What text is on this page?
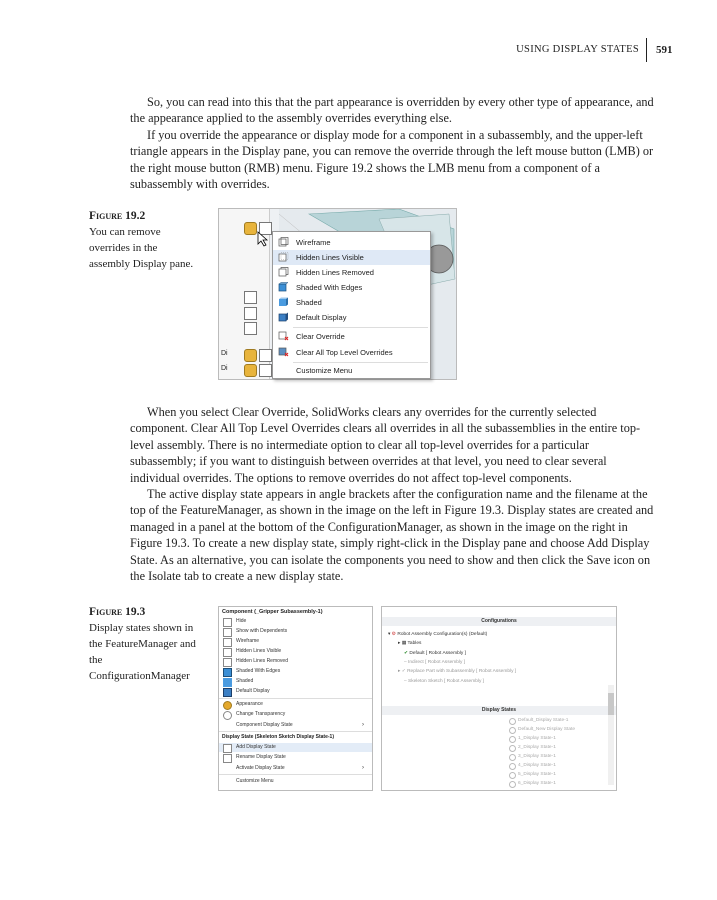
USING DISPLAY STATES 591

So, you can read into this that the part appearance is overridden by every other type of appearance, and the appearance applied to the assembly overrides everything else.

If you override the appearance or display mode for a component in a subassembly, and the upper-left triangle appears in the Display pane, you can remove the override through the left mouse button (LMB) or the right mouse button (RMB) menu. Figure 19.2 shows the LMB menu from a component of a subassembly with overrides.

Figure 19.2
You can remove overrides in the assembly Display pane.
Di
Di
Wireframe
Hidden Lines Visible
Hidden Lines Removed
Shaded With Edges
Shaded
Default Display
Clear Override
Clear All Top Level Overrides
Customize Menu

When you select Clear Override, SolidWorks clears any overrides for the currently selected component. Clear All Top Level Overrides clears all overrides in all the subassemblies in the entire top-level assembly. There is no intermediate option to clear all top-level overrides for a particular subassembly; if you want to distinguish between overrides at that level, you need to clear several individual overrides. The options to remove overrides do not affect top-level components.

The active display state appears in angle brackets after the configuration name and the filename at the top of the FeatureManager, as shown in the image on the left in Figure 19.3. Display states are created and managed in a panel at the bottom of the ConfigurationManager, as shown in the image on the right in Figure 19.3. To create a new display state, simply right-click in the Display pane and choose Add Display State. As an alternative, you can isolate the components you need to show and then click the Save icon on the Isolate tab to create a new display state.

Figure 19.3
Display states shown in the FeatureManager and the ConfigurationManager
Component (_Gripper Subassembly-1)
Hide
Show with Dependents
Wireframe
Hidden Lines Visible
Hidden Lines Removed
Shaded With Edges
Shaded
Default Display
Appearance
Change Transparency
Component Display State	›
Display State (Skeleton Sketch Display State-1)
Add Display State
Rename Display State
Activate Display State	›
Customize Menu
Configurations
▾ ⚙ Robot Assembly Configuration(s) (Default)
▸ ▦ Tables
✔ Default [ Robot Assembly ]
– Indirect [ Robot Assembly ]
▸ ✓ Replace Part with Subassembly [ Robot Assembly ]
– Skeleton Sketch [ Robot Assembly ]
Display States
Default_Display State-1
Default_New Display State
1_Display State-1
2_Display State-1
3_Display State-1
4_Display State-1
5_Display State-1
6_Display State-1
